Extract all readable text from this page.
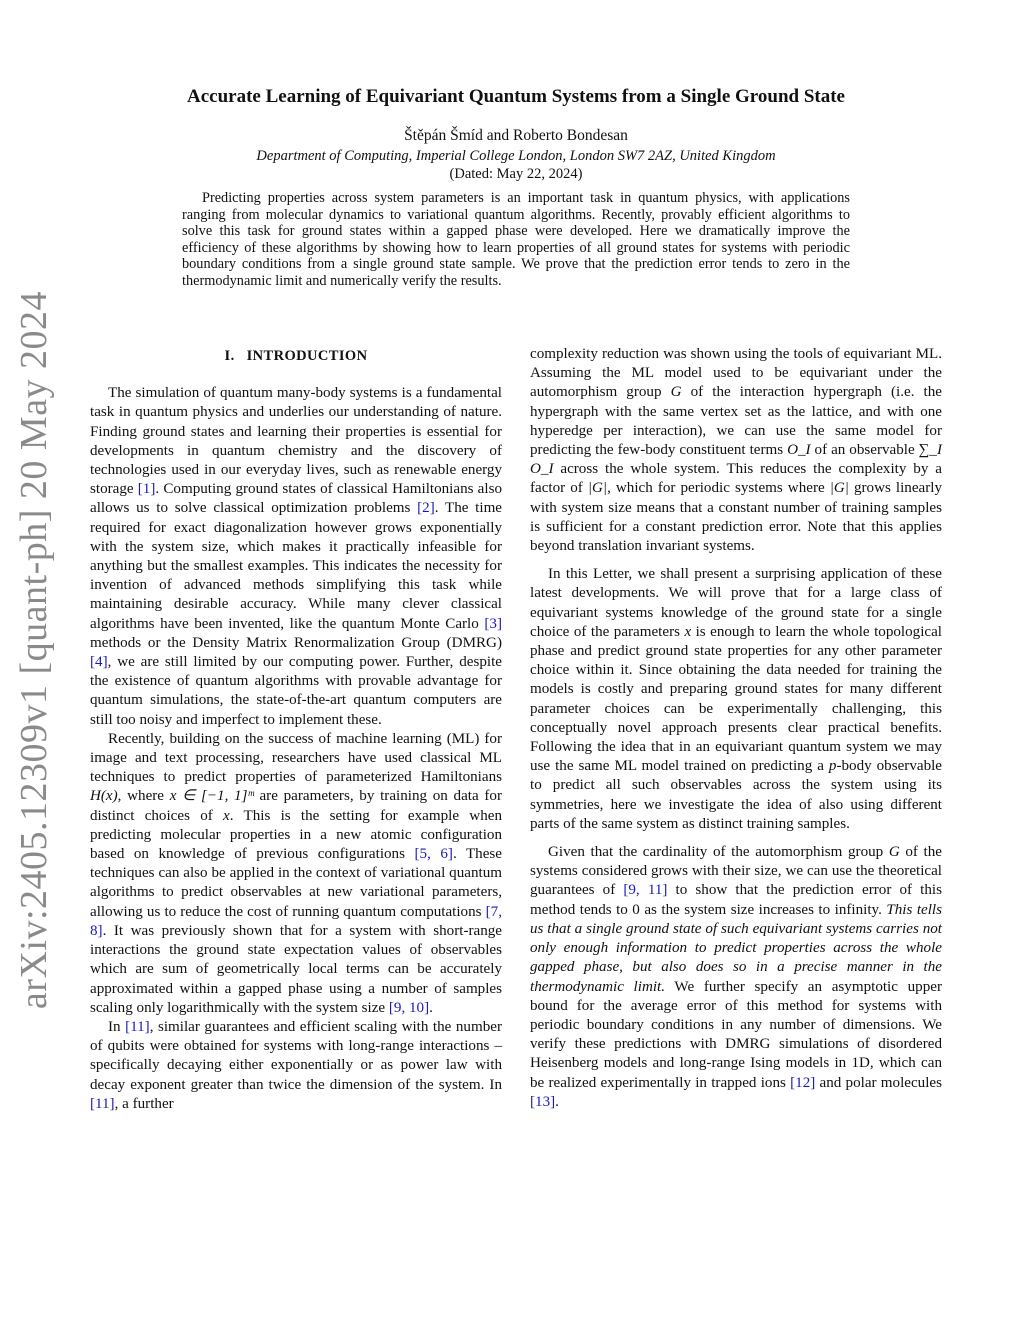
arXiv:2405.12309v1 [quant-ph] 20 May 2024
Accurate Learning of Equivariant Quantum Systems from a Single Ground State
Štěpán Šmíd and Roberto Bondesan
Department of Computing, Imperial College London, London SW7 2AZ, United Kingdom
(Dated: May 22, 2024)

Predicting properties across system parameters is an important task in quantum physics, with applications ranging from molecular dynamics to variational quantum algorithms. Recently, provably efficient algorithms to solve this task for ground states within a gapped phase were developed. Here we dramatically improve the efficiency of these algorithms by showing how to learn properties of all ground states for systems with periodic boundary conditions from a single ground state sample. We prove that the prediction error tends to zero in the thermodynamic limit and numerically verify the results.

I. INTRODUCTION

The simulation of quantum many-body systems is a fundamental task in quantum physics and underlies our understanding of nature. Finding ground states and learning their properties is essential for developments in quantum chemistry and the discovery of technologies used in our everyday lives, such as renewable energy storage [1]. Computing ground states of classical Hamiltonians also allows us to solve classical optimization problems [2]. The time required for exact diagonalization however grows exponentially with the system size, which makes it practically infeasible for anything but the smallest examples. This indicates the necessity for invention of advanced methods simplifying this task while maintaining desirable accuracy. While many clever classical algorithms have been invented, like the quantum Monte Carlo [3] methods or the Density Matrix Renormalization Group (DMRG) [4], we are still limited by our computing power. Further, despite the existence of quantum algorithms with provable advantage for quantum simulations, the state-of-the-art quantum computers are still too noisy and imperfect to implement these.

Recently, building on the success of machine learning (ML) for image and text processing, researchers have used classical ML techniques to predict properties of parameterized Hamiltonians H(x), where x ∈ [−1, 1]ᵐ are parameters, by training on data for distinct choices of x. This is the setting for example when predicting molecular properties in a new atomic configuration based on knowledge of previous configurations [5, 6]. These techniques can also be applied in the context of variational quantum algorithms to predict observables at new variational parameters, allowing us to reduce the cost of running quantum computations [7, 8]. It was previously shown that for a system with short-range interactions the ground state expectation values of observables which are sum of geometrically local terms can be accurately approximated within a gapped phase using a number of samples scaling only logarithmically with the system size [9, 10].

In [11], similar guarantees and efficient scaling with the number of qubits were obtained for systems with long-range interactions – specifically decaying either exponentially or as power law with decay exponent greater than twice the dimension of the system. In [11], a further

complexity reduction was shown using the tools of equivariant ML. Assuming the ML model used to be equivariant under the automorphism group G of the interaction hypergraph (i.e. the hypergraph with the same vertex set as the lattice, and with one hyperedge per interaction), we can use the same model for predicting the few-body constituent terms O_I of an observable ∑_I O_I across the whole system. This reduces the complexity by a factor of |G|, which for periodic systems where |G| grows linearly with system size means that a constant number of training samples is sufficient for a constant prediction error. Note that this applies beyond translation invariant systems.

In this Letter, we shall present a surprising application of these latest developments. We will prove that for a large class of equivariant systems knowledge of the ground state for a single choice of the parameters x is enough to learn the whole topological phase and predict ground state properties for any other parameter choice within it. Since obtaining the data needed for training the models is costly and preparing ground states for many different parameter choices can be experimentally challenging, this conceptually novel approach presents clear practical benefits. Following the idea that in an equivariant quantum system we may use the same ML model trained on predicting a p-body observable to predict all such observables across the system using its symmetries, here we investigate the idea of also using different parts of the same system as distinct training samples.

Given that the cardinality of the automorphism group G of the systems considered grows with their size, we can use the theoretical guarantees of [9, 11] to show that the prediction error of this method tends to 0 as the system size increases to infinity. This tells us that a single ground state of such equivariant systems carries not only enough information to predict properties across the whole gapped phase, but also does so in a precise manner in the thermodynamic limit. We further specify an asymptotic upper bound for the average error of this method for systems with periodic boundary conditions in any number of dimensions. We verify these predictions with DMRG simulations of disordered Heisenberg models and long-range Ising models in 1D, which can be realized experimentally in trapped ions [12] and polar molecules [13].
